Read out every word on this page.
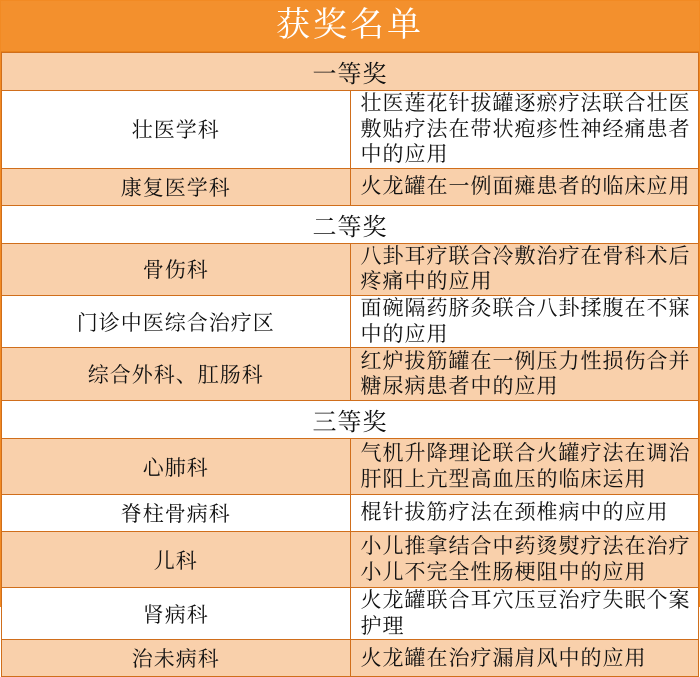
获奖名单
一等奖	
壮医学科	壮医莲花针拔罐逐瘀疗法联合壮医敷贴疗法在带状疱疹性神经痛患者中的应用
康复医学科	火龙罐在一例面瘫患者的临床应用
二等奖	
骨伤科	八卦耳疗联合冷敷治疗在骨科术后疼痛中的应用
门诊中医综合治疗区	面碗隔药脐灸联合八卦揉腹在不寐中的应用
综合外科、肛肠科	红炉拔筋罐在一例压力性损伤合并糖尿病患者中的应用
三等奖	
心肺科	气机升降理论联合火罐疗法在调治肝阳上亢型高血压的临床运用
脊柱骨病科	棍针拔筋疗法在颈椎病中的应用
儿科	小儿推拿结合中药烫熨疗法在治疗小儿不完全性肠梗阻中的应用
肾病科	火龙罐联合耳穴压豆治疗失眠个案护理
治未病科	火龙罐在治疗漏肩风中的应用
